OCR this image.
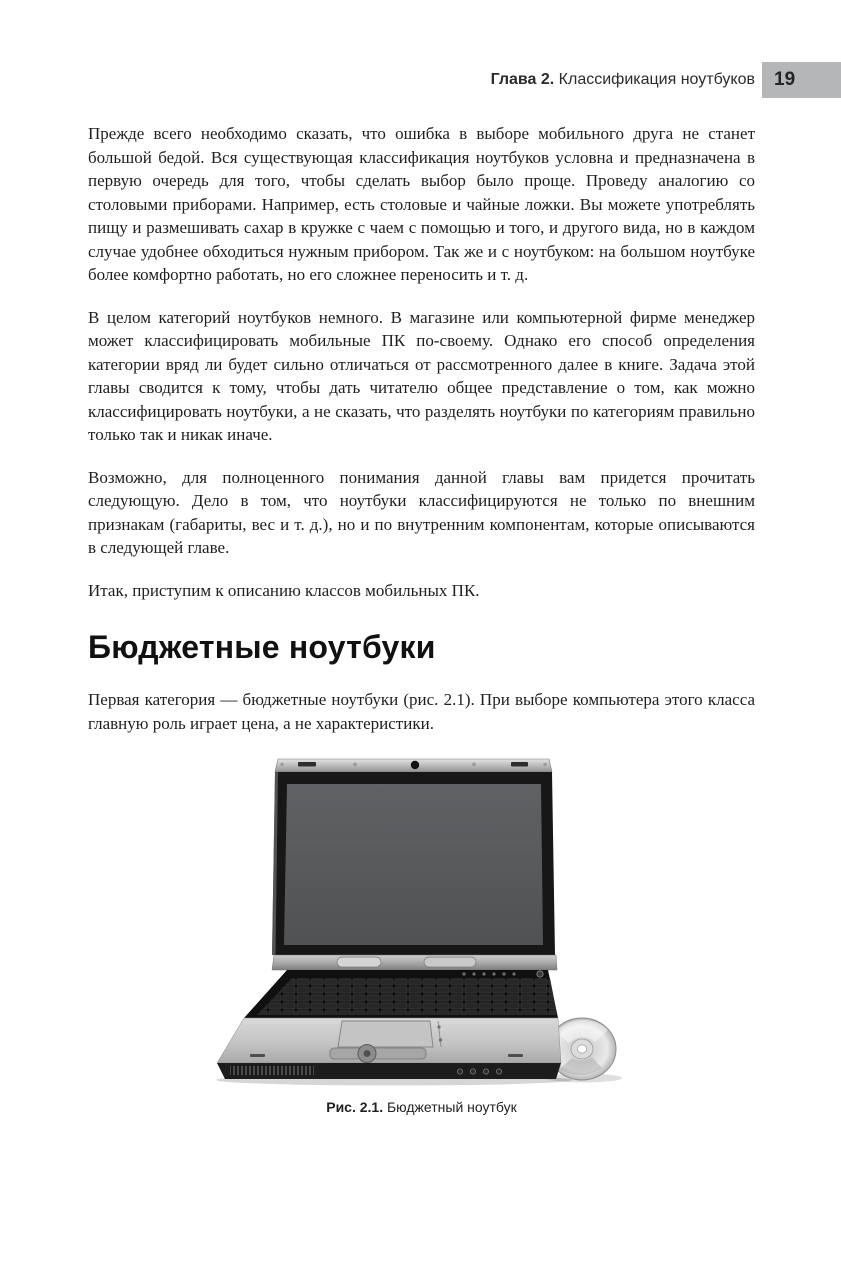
Глава 2. Классификация ноутбуков	19

Прежде всего необходимо сказать, что ошибка в выборе мобильного друга не станет большой бедой. Вся существующая классификация ноутбуков условна и предназначена в первую очередь для того, чтобы сделать выбор было проще. Проведу аналогию со столовыми приборами. Например, есть столовые и чайные ложки. Вы можете употреблять пищу и размешивать сахар в кружке с чаем с помощью и того, и другого вида, но в каждом случае удобнее обходиться нужным прибором. Так же и с ноутбуком: на большом ноутбуке более комфортно работать, но его сложнее переносить и т. д.

В целом категорий ноутбуков немного. В магазине или компьютерной фирме менеджер может классифицировать мобильные ПК по-своему. Однако его способ определения категории вряд ли будет сильно отличаться от рассмотренного далее в книге. Задача этой главы сводится к тому, чтобы дать читателю общее представление о том, как можно классифицировать ноутбуки, а не сказать, что разделять ноутбуки по категориям правильно только так и никак иначе.

Возможно, для полноценного понимания данной главы вам придется прочитать следующую. Дело в том, что ноутбуки классифицируются не только по внешним признакам (габариты, вес и т. д.), но и по внутренним компонентам, которые описываются в следующей главе.

Итак, приступим к описанию классов мобильных ПК.

Бюджетные ноутбуки

Первая категория — бюджетные ноутбуки (рис. 2.1). При выборе компьютера этого класса главную роль играет цена, а не характеристики.

Рис. 2.1. Бюджетный ноутбук
